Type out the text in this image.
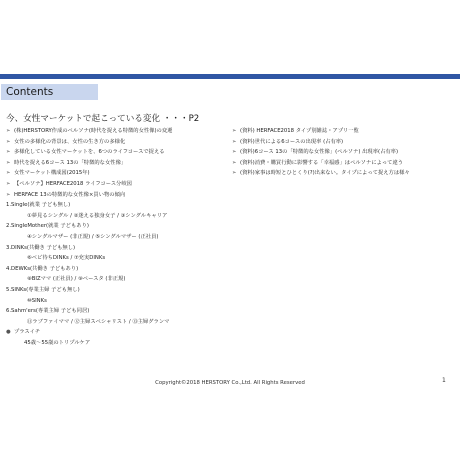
Contents
今、女性マーケットで起こっている変化 ・・・P2
➢ (株)HERSTORY作成のペルソナ(時代を捉える特徴的女性像)の変遷
➢ 女性の多様化の背景は、女性の生き方の多様化
➢ 多様化している女性マーケットを、6つのライフコースで捉える
➢ 時代を捉える6コース 13の「特徴的な女性像」
➢ 女性マーケット構成図(2015年)
➢ 【ペルソナ】HERFACE2018 ライフコース分岐図
➢ HERFACE 13の特徴的な女性像×買い物の傾向
1.Single(就業 子ども無し)
①夢見るシングル / ②迷える独身女子 / ③シングルキャリア
2.SingleMother(就業 子どもあり)
④シングルマザー (非正規) / ⑤シングルマザー (正社員)
3.DINKs(共働き 子ども無し)
⑥ベビ待ちDINKs / ⑦充実DINKs
4.DEWKs(共働き 子どもあり)
⑧BIZママ (正社員) / ⑨ペースタ (非正規)
5.SINKs(専業主婦 子ども無し)
⑩SINKs
6.Sahm'ers(専業主婦 子ども同居)
⑪ラブファイママ / ⑫主婦スペシャリスト / ⑬主婦グランマ
● プラスイチ
45歳～55歳のトリプルケア
➢ (資料) HERFACE2018 タイプ別雑誌・アプリ一覧
➢ (資料)世代による6コースの出現率 (占有率)
➢ (資料)6コース 13の「特徴的な女性像」(ペルソナ) 出現率(占有率)
➢ (資料)消費・購買行動に影響する「幸福感」はペルソナによって違う
➢ (資料)家事は時短とひとくり(?)出来ない。タイプによって捉え方は様々
Copyright©2018 HERSTORY Co.,Ltd. All Rights Reserved	1
